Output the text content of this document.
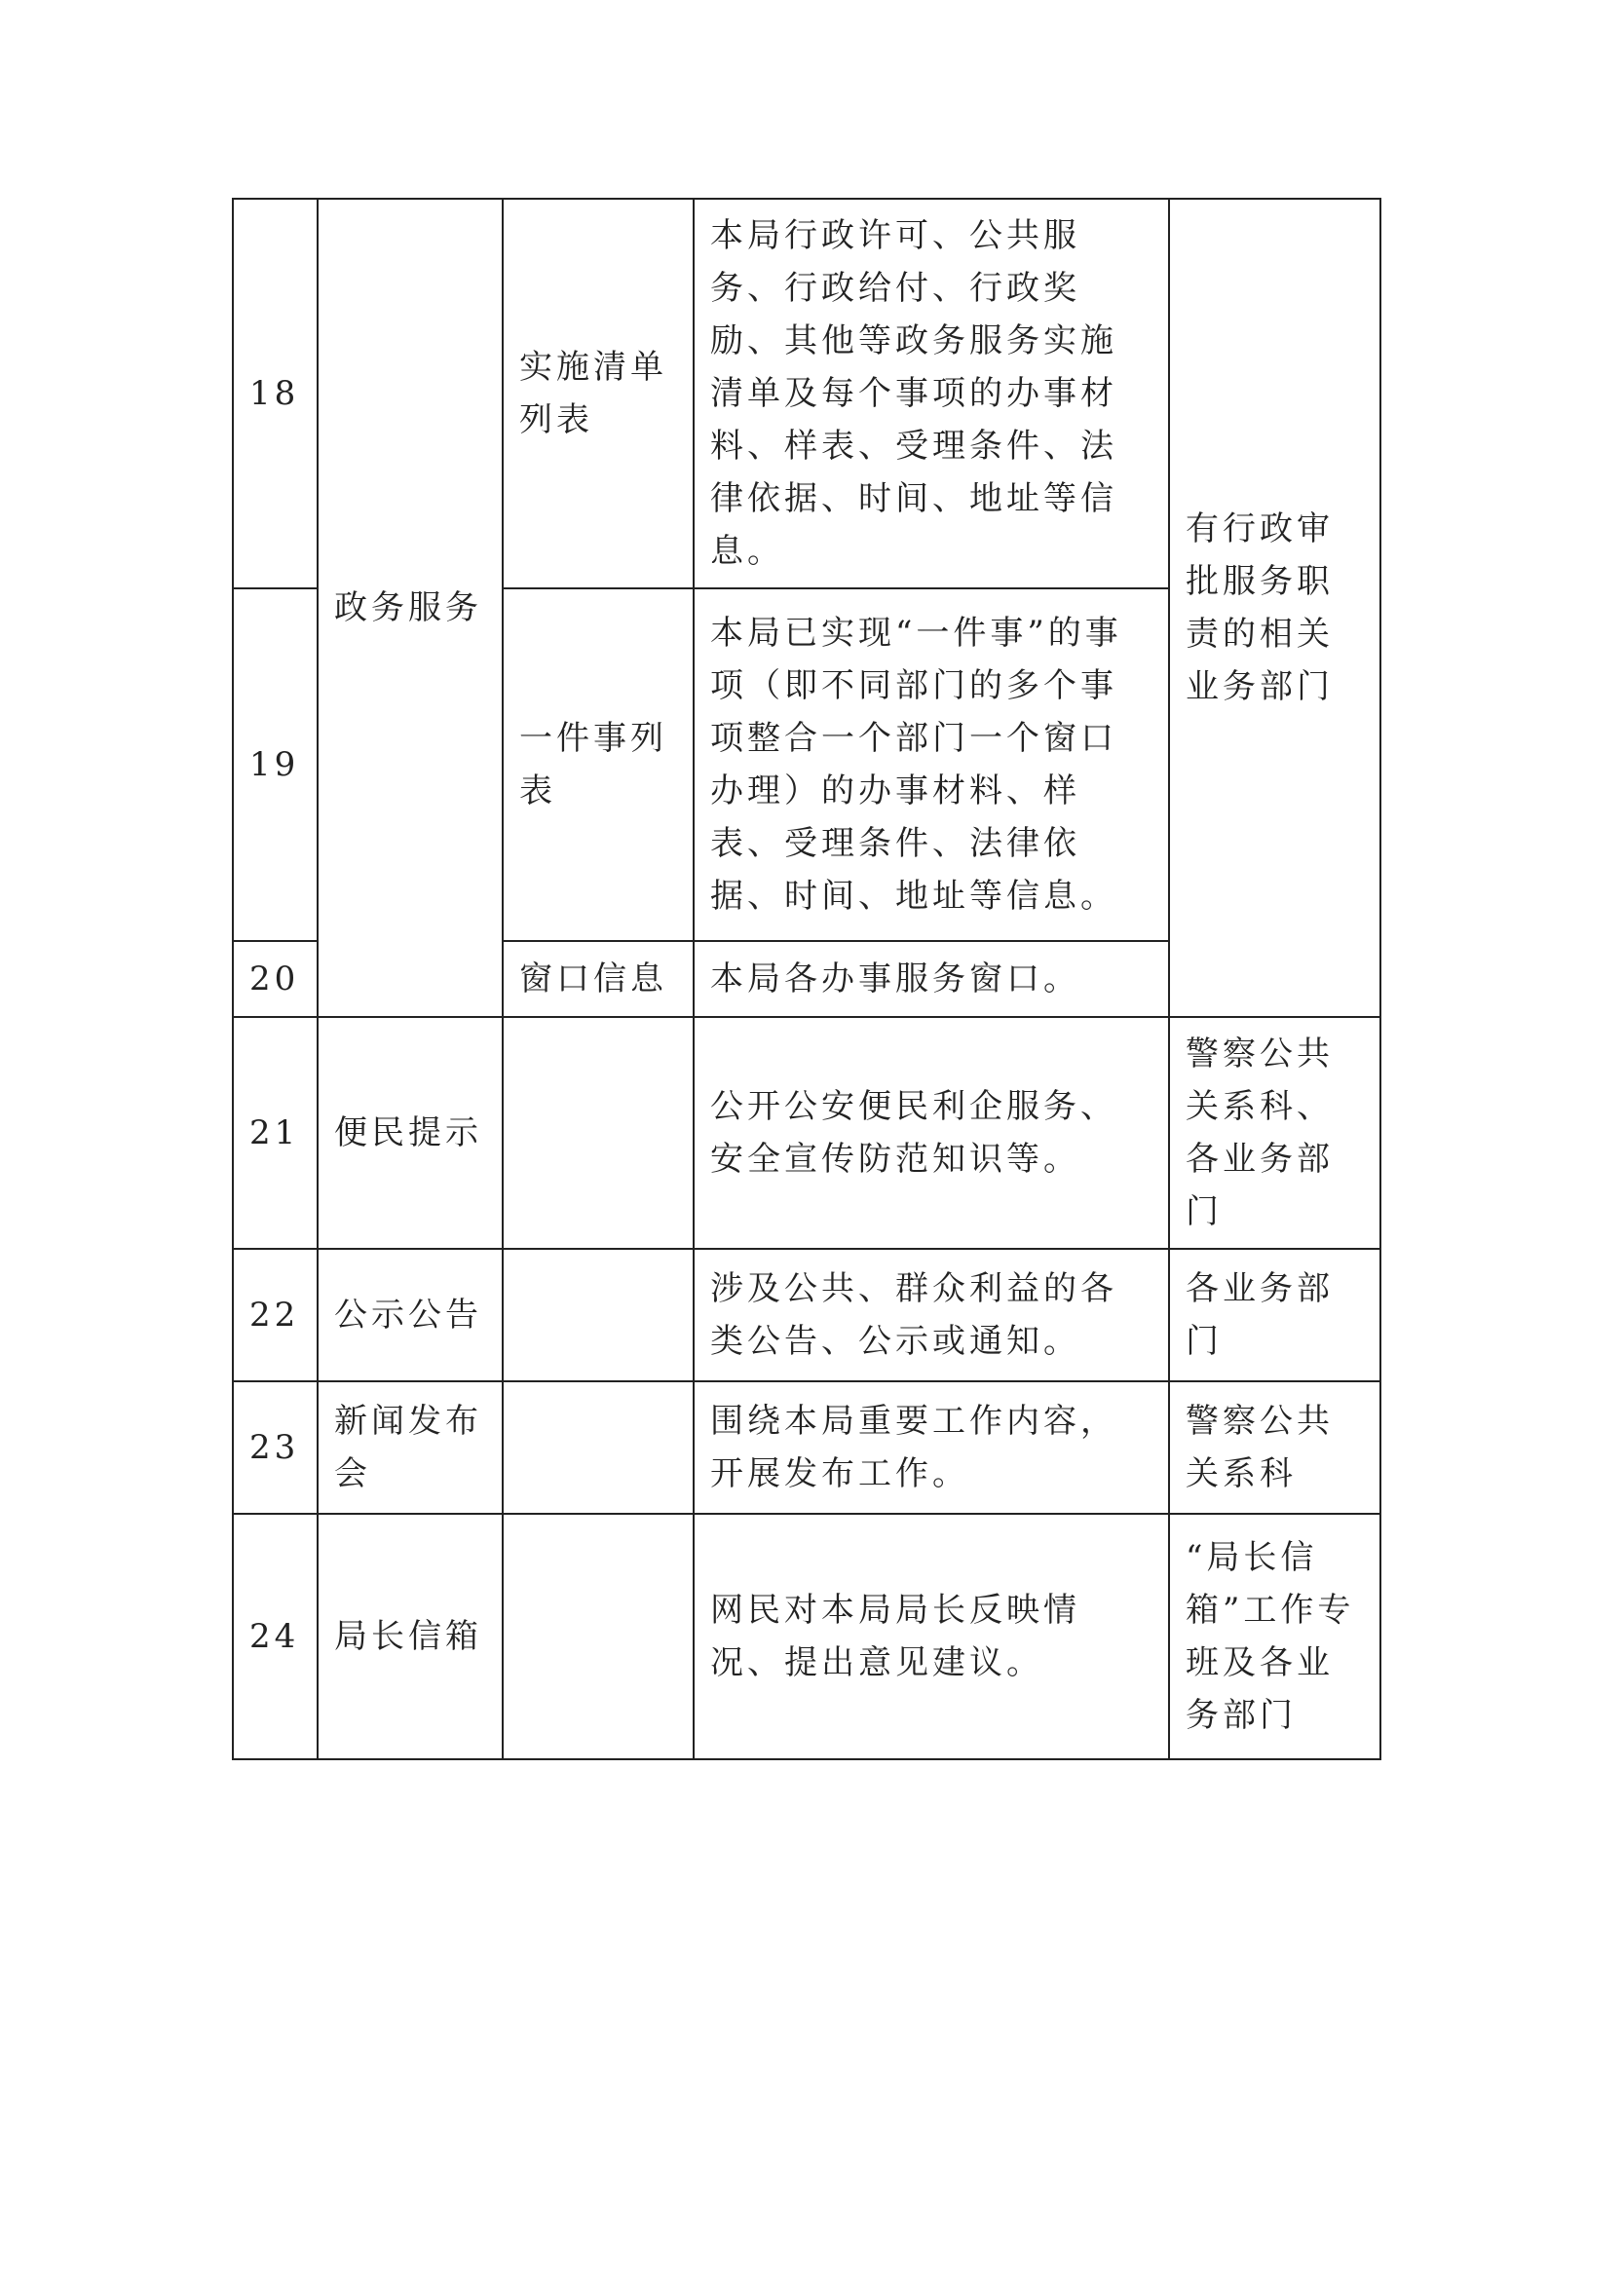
18	政务服务	实施清单列表	本局行政许可、公共服务、行政给付、行政奖励、其他等政务服务实施清单及每个事项的办事材料、样表、受理条件、法律依据、时间、地址等信息。	有行政审批服务职责的相关业务部门
19		一件事列表	本局已实现“一件事”的事项（即不同部门的多个事项整合一个部门一个窗口办理）的办事材料、样表、受理条件、法律依据、时间、地址等信息。	
20		窗口信息	本局各办事服务窗口。	
21	便民提示		公开公安便民利企服务、安全宣传防范知识等。	警察公共关系科、各业务部门
22	公示公告		涉及公共、群众利益的各类公告、公示或通知。	各业务部门
23	新闻发布会		围绕本局重要工作内容，开展发布工作。	警察公共关系科
24	局长信箱		网民对本局局长反映情况、提出意见建议。	“局长信箱”工作专班及各业务部门
